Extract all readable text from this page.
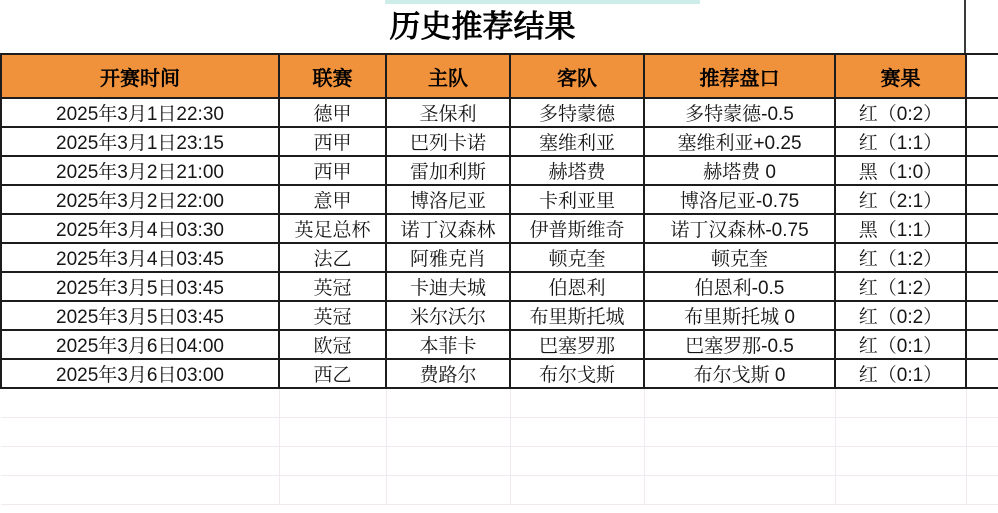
历史推荐结果
开赛时间	联赛	主队	客队	推荐盘口	赛果	
2025年3月1日22:30	德甲	圣保利	多特蒙德	多特蒙德-0.5	红（0:2）	
2025年3月1日23:15	西甲	巴列卡诺	塞维利亚	塞维利亚+0.25	红（1:1）	
2025年3月2日21:00	西甲	雷加利斯	赫塔费	赫塔费 0	黑（1:0）	
2025年3月2日22:00	意甲	博洛尼亚	卡利亚里	博洛尼亚-0.75	红（2:1）	
2025年3月4日03:30	英足总杯	诺丁汉森林	伊普斯维奇	诺丁汉森林-0.75	黑（1:1）	
2025年3月4日03:45	法乙	阿雅克肖	顿克奎	顿克奎	红（1:2）	
2025年3月5日03:45	英冠	卡迪夫城	伯恩利	伯恩利-0.5	红（1:2）	
2025年3月5日03:45	英冠	米尔沃尔	布里斯托城	布里斯托城 0	红（0:2）	
2025年3月6日04:00	欧冠	本菲卡	巴塞罗那	巴塞罗那-0.5	红（0:1）	
2025年3月6日03:00	西乙	费路尔	布尔戈斯	布尔戈斯 0	红（0:1）	
